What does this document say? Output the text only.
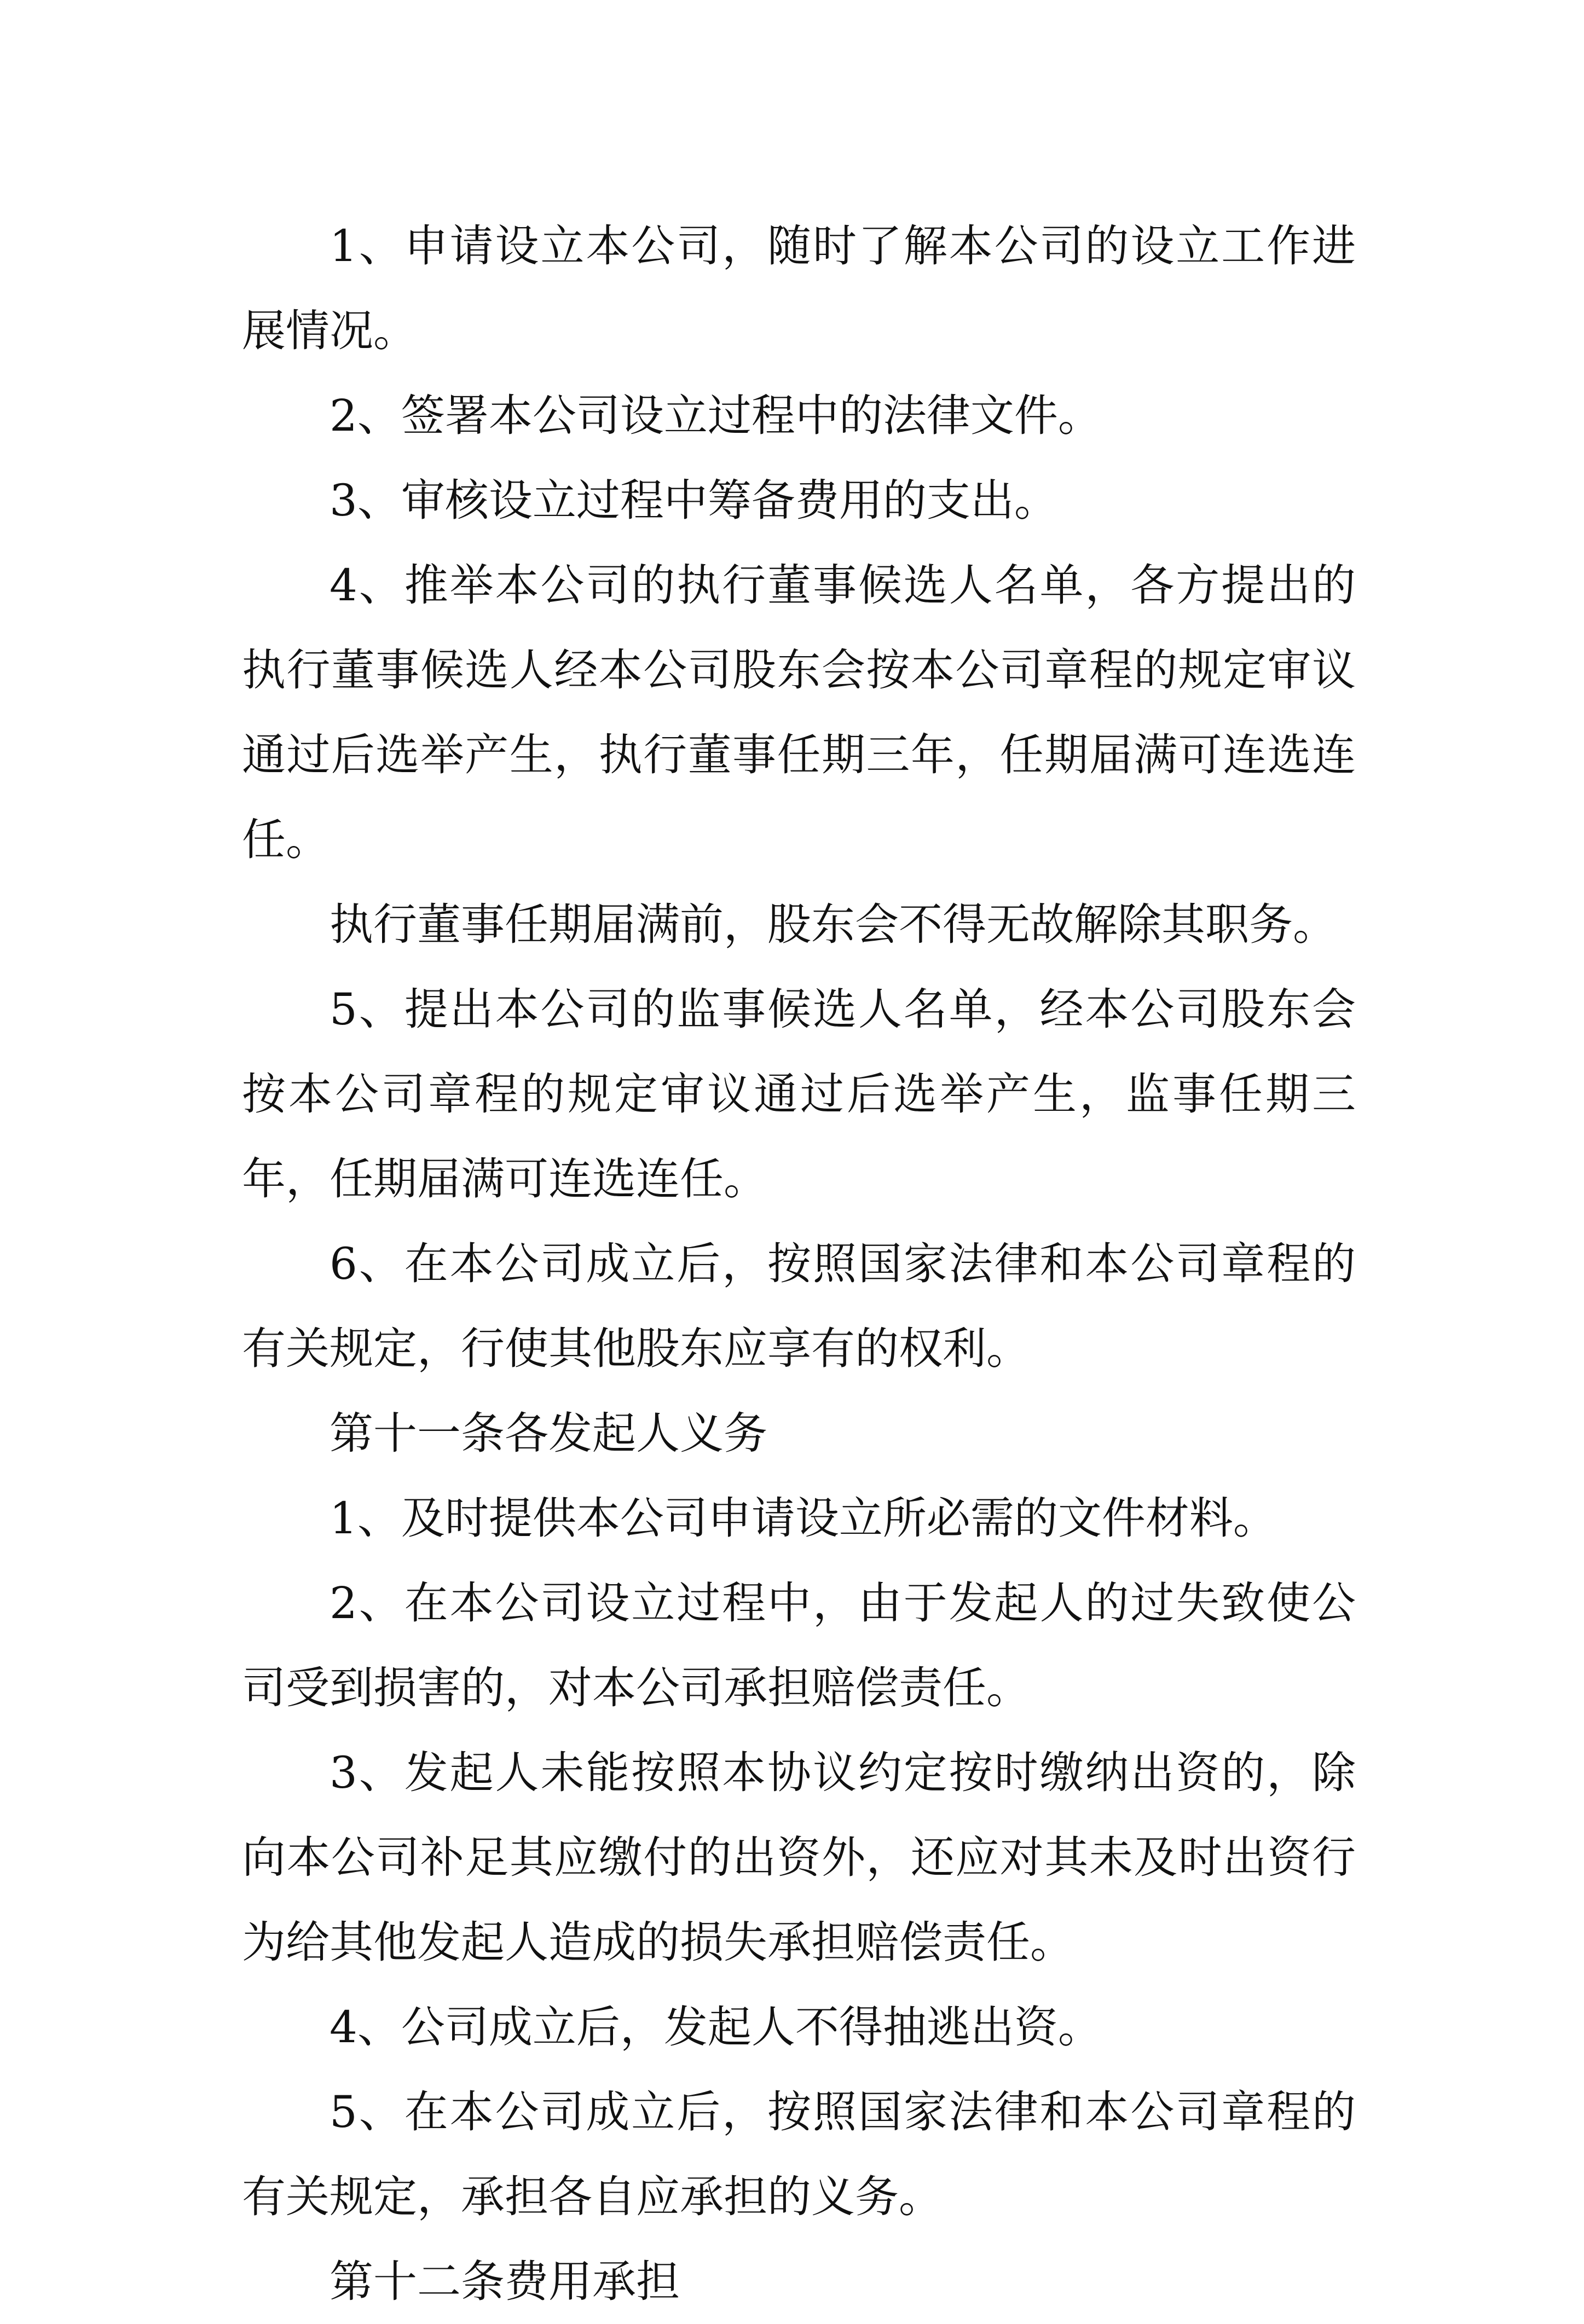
1、申请设立本公司，随时了解本公司的设立工作进展情况。

2、签署本公司设立过程中的法律文件。

3、审核设立过程中筹备费用的支出。

4、推举本公司的执行董事候选人名单，各方提出的执行董事候选人经本公司股东会按本公司章程的规定审议通过后选举产生，执行董事任期三年，任期届满可连选连任。

执行董事任期届满前，股东会不得无故解除其职务。

5、提出本公司的监事候选人名单，经本公司股东会按本公司章程的规定审议通过后选举产生，监事任期三年，任期届满可连选连任。

6、在本公司成立后，按照国家法律和本公司章程的有关规定，行使其他股东应享有的权利。

第十一条各发起人义务

1、及时提供本公司申请设立所必需的文件材料。

2、在本公司设立过程中，由于发起人的过失致使公司受到损害的，对本公司承担赔偿责任。

3、发起人未能按照本协议约定按时缴纳出资的，除向本公司补足其应缴付的出资外，还应对其未及时出资行为给其他发起人造成的损失承担赔偿责任。

4、公司成立后，发起人不得抽逃出资。

5、在本公司成立后，按照国家法律和本公司章程的有关规定，承担各自应承担的义务。

第十二条费用承担
